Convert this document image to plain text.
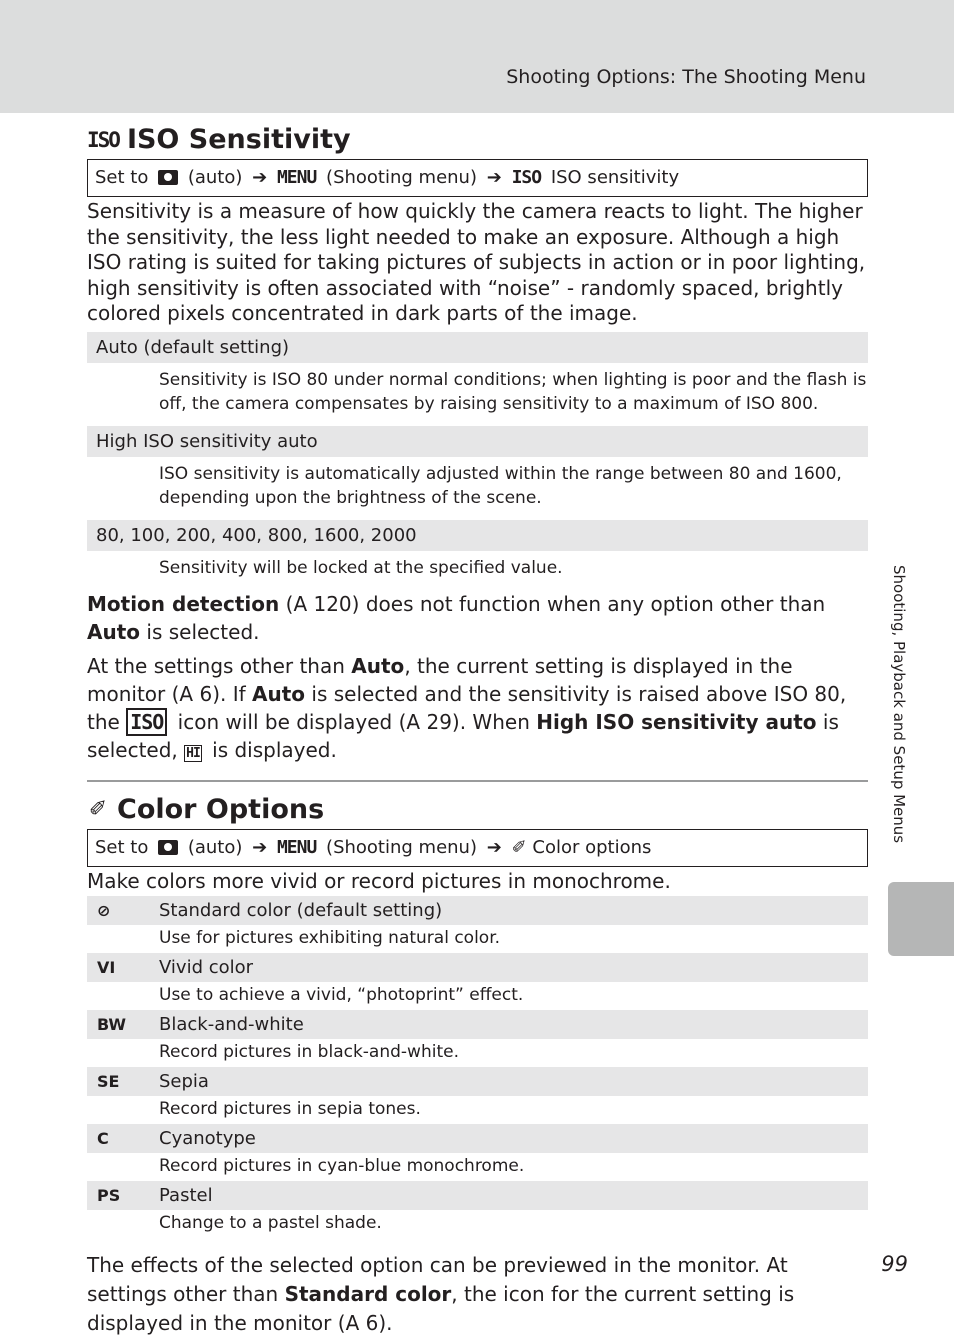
Shooting Options: The Shooting Menu
Shooting, Playback and Setup Menus
ISO ISO Sensitivity
Set to (auto) ➔ MENU (Shooting menu) ➔ ISO ISO sensitivity

Sensitivity is a measure of how quickly the camera reacts to light. The higher the sensitivity, the less light needed to make an exposure. Although a high ISO rating is suited for taking pictures of subjects in action or in poor lighting, high sensitivity is often associated with “noise” - randomly spaced, brightly colored pixels concentrated in dark parts of the image.

Auto (default setting)
Sensitivity is ISO 80 under normal conditions; when lighting is poor and the flash is off, the camera compensates by raising sensitivity to a maximum of ISO 800.
High ISO sensitivity auto
ISO sensitivity is automatically adjusted within the range between 80 and 1600, depending upon the brightness of the scene.
80, 100, 200, 400, 800, 1600, 2000
Sensitivity will be locked at the specified value.

Motion detection (A 120) does not function when any option other than Auto is selected.

At the settings other than Auto, the current setting is displayed in the monitor (A 6). If Auto is selected and the sensitivity is raised above ISO 80, the ISO icon will be displayed (A 29). When High ISO sensitivity auto is selected, HI is displayed.

✐ Color Options
Set to (auto) ➔ MENU (Shooting menu) ➔ ✐ Color options

Make colors more vivid or record pictures in monochrome.

⊘	Standard color (default setting)
Use for pictures exhibiting natural color.
VI	Vivid color
Use to achieve a vivid, “photoprint” effect.
BW	Black-and-white
Record pictures in black-and-white.
SE	Sepia
Record pictures in sepia tones.
C	Cyanotype
Record pictures in cyan-blue monochrome.
PS	Pastel
Change to a pastel shade.

The effects of the selected option can be previewed in the monitor. At settings other than Standard color, the icon for the current setting is displayed in the monitor (A 6).

99
